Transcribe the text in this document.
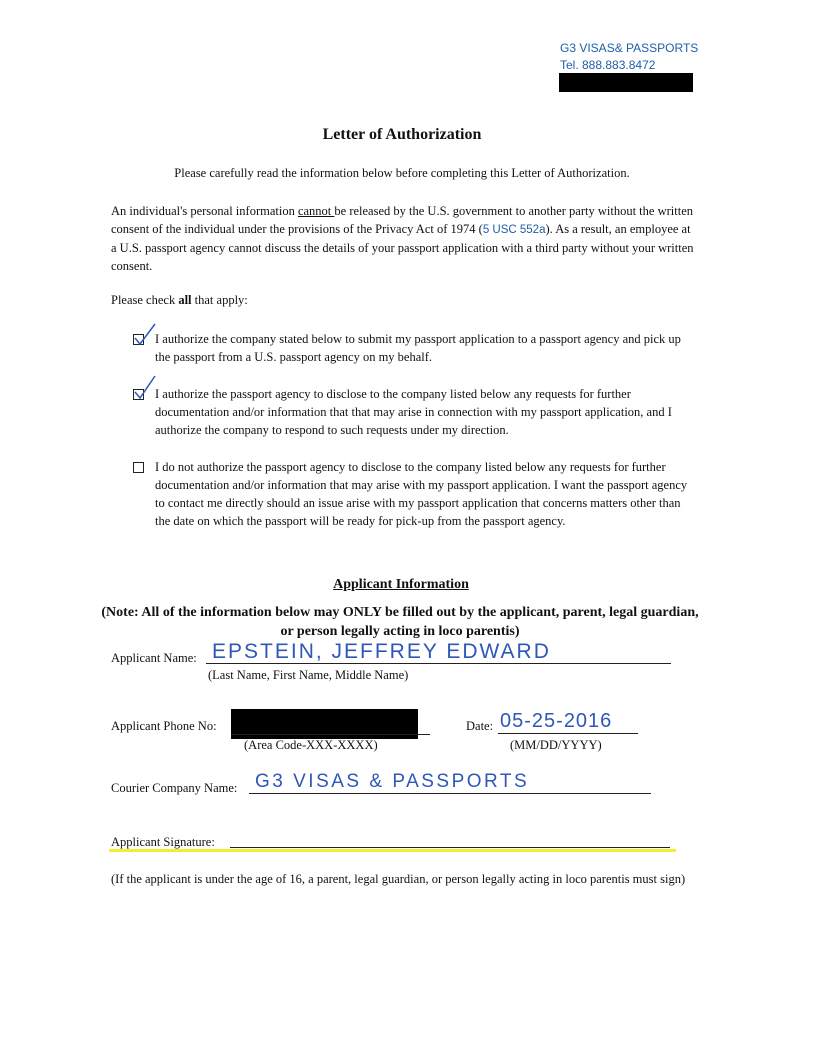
G3 VISAS& PASSPORTS
Tel. 888.883.8472
Letter of Authorization
Please carefully read the information below before completing this Letter of Authorization.
An individual's personal information cannot be released by the U.S. government to another party without the written consent of the individual under the provisions of the Privacy Act of 1974 (5 USC 552a). As a result, an employee at a U.S. passport agency cannot discuss the details of your passport application with a third party without your written consent.
Please check all that apply:
I authorize the company stated below to submit my passport application to a passport agency and pick up the passport from a U.S. passport agency on my behalf.
I authorize the passport agency to disclose to the company listed below any requests for further documentation and/or information that that may arise in connection with my passport application, and I authorize the company to respond to such requests under my direction.
I do not authorize the passport agency to disclose to the company listed below any requests for further documentation and/or information that may arise with my passport application. I want the passport agency to contact me directly should an issue arise with my passport application that concerns matters other than the date on which the passport will be ready for pick-up from the passport agency.
Applicant Information
(Note: All of the information below may ONLY be filled out by the applicant, parent, legal guardian, or person legally acting in loco parentis)
Applicant Name: EPSTEIN, JEFFREY EDWARD
(Last Name, First Name, Middle Name)
Applicant Phone No:
(Area Code-XXX-XXXX)
Date: 05-25-2016
(MM/DD/YYYY)
Courier Company Name: G3 VISAS & PASSPORTS
Applicant Signature:
(If the applicant is under the age of 16, a parent, legal guardian, or person legally acting in loco parentis must sign)
